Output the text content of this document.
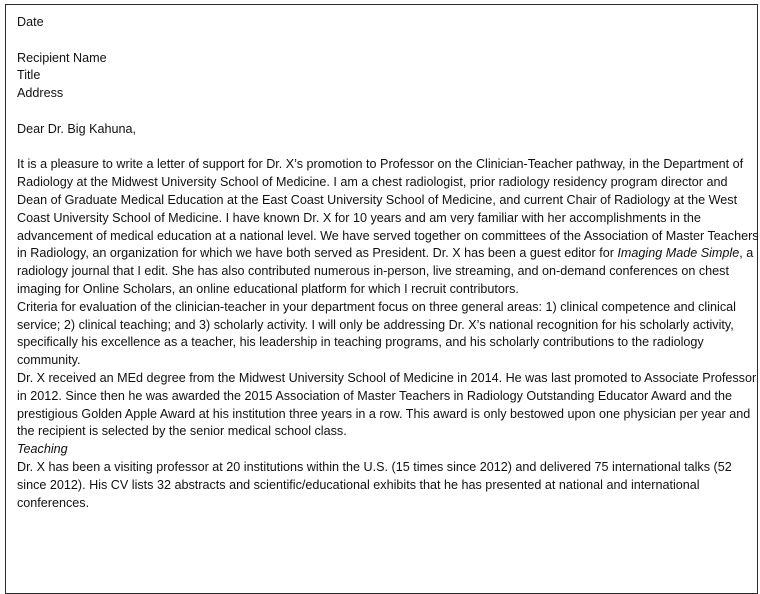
Date

Recipient Name

Title

Address

Dear Dr. Big Kahuna,

It is a pleasure to write a letter of support for Dr. X’s promotion to Professor on the Clinician-Teacher pathway, in the Department of Radiology at the Midwest University School of Medicine. I am a chest radiologist, prior radiology residency program director and Dean of Graduate Medical Education at the East Coast University School of Medicine, and current Chair of Radiology at the West Coast University School of Medicine. I have known Dr. X for 10 years and am very familiar with her accomplishments in the advancement of medical education at a national level. We have served together on committees of the Association of Master Teachers in Radiology, an organization for which we have both served as President. Dr. X has been a guest editor for Imaging Made Simple, a radiology journal that I edit. She has also contributed numerous in-person, live streaming, and on-demand conferences on chest imaging for Online Scholars, an online educational platform for which I recruit contributors.

Criteria for evaluation of the clinician-teacher in your department focus on three general areas: 1) clinical competence and clinical service; 2) clinical teaching; and 3) scholarly activity. I will only be addressing Dr. X’s national recognition for his scholarly activity, specifically his excellence as a teacher, his leadership in teaching programs, and his scholarly contributions to the radiology community.

Dr. X received an MEd degree from the Midwest University School of Medicine in 2014. He was last promoted to Associate Professor in 2012. Since then he was awarded the 2015 Association of Master Teachers in Radiology Outstanding Educator Award and the prestigious Golden Apple Award at his institution three years in a row. This award is only bestowed upon one physician per year and the recipient is selected by the senior medical school class.

Teaching

Dr. X has been a visiting professor at 20 institutions within the U.S. (15 times since 2012) and delivered 75 international talks (52 since 2012). His CV lists 32 abstracts and scientific/educational exhibits that he has presented at national and international conferences.
